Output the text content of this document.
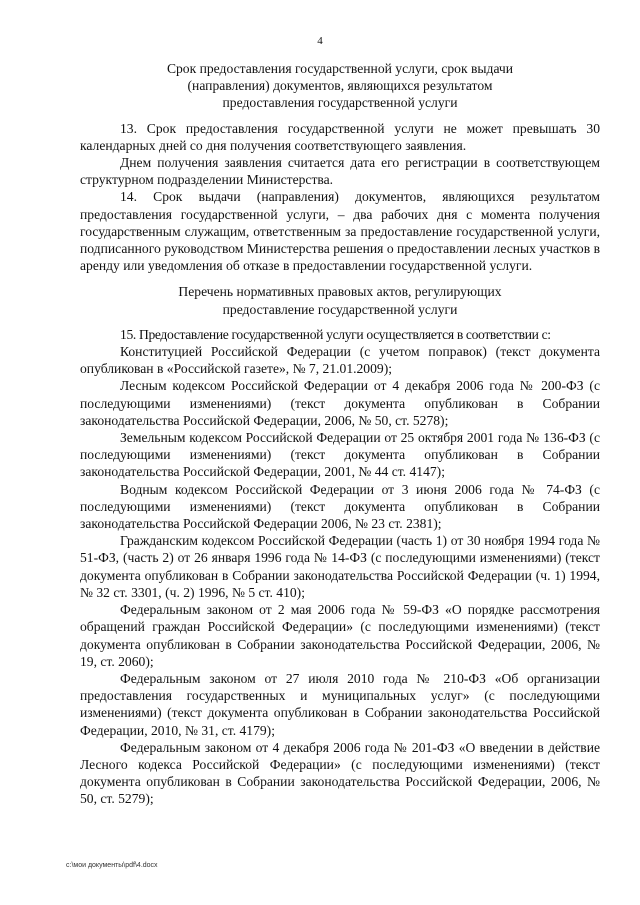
4
Срок предоставления государственной услуги, срок выдачи
(направления) документов, являющихся результатом
предоставления государственной услуги

13. Срок предоставления государственной услуги не может превышать 30 календарных дней со дня получения соответствующего заявления.

Днем получения заявления считается дата его регистрации в соответствующем структурном подразделении Министерства.

14. Срок выдачи (направления) документов, являющихся результатом предоставления государственной услуги, – два рабочих дня с момента получения государственным служащим, ответственным за предоставление государственной услуги, подписанного руководством Министерства решения о предоставлении лесных участков в аренду или уведомления об отказе в предоставлении государственной услуги.

Перечень нормативных правовых актов, регулирующих
предоставление государственной услуги

15. Предоставление государственной услуги осуществляется в соответствии с:

Конституцией Российской Федерации (с учетом поправок) (текст документа опубликован в «Российской газете», № 7, 21.01.2009);

Лесным кодексом Российской Федерации от 4 декабря 2006 года № 200-ФЗ (с последующими изменениями) (текст документа опубликован в Собрании законодательства Российской Федерации, 2006, № 50, ст. 5278);

Земельным кодексом Российской Федерации от 25 октября 2001 года № 136-ФЗ (с последующими изменениями) (текст документа опубликован в Собрании законодательства Российской Федерации, 2001, № 44 ст. 4147);

Водным кодексом Российской Федерации от 3 июня 2006 года № 74-ФЗ (с последующими изменениями) (текст документа опубликован в Собрании законодательства Российской Федерации 2006, № 23 ст. 2381);

Гражданским кодексом Российской Федерации (часть 1) от 30 ноября 1994 года № 51-ФЗ, (часть 2) от 26 января 1996 года № 14-ФЗ (с последующими изменениями) (текст документа опубликован в Собрании законодательства Российской Федерации (ч. 1) 1994, № 32 ст. 3301, (ч. 2) 1996, № 5 ст. 410);

Федеральным законом от 2 мая 2006 года № 59-ФЗ «О порядке рассмотрения обращений граждан Российской Федерации» (с последующими изменениями) (текст документа опубликован в Собрании законодательства Российской Федерации, 2006, № 19, ст. 2060);

Федеральным законом от 27 июля 2010 года № 210-ФЗ «Об организации предоставления государственных и муниципальных услуг» (с последующими изменениями) (текст документа опубликован в Собрании законодательства Российской Федерации, 2010, № 31, ст. 4179);

Федеральным законом от 4 декабря 2006 года № 201-ФЗ «О введении в действие Лесного кодекса Российской Федерации» (с последующими изменениями) (текст документа опубликован в Собрании законодательства Российской Федерации, 2006, № 50, ст. 5279);

c:\мои документы\pdf\4.docx
